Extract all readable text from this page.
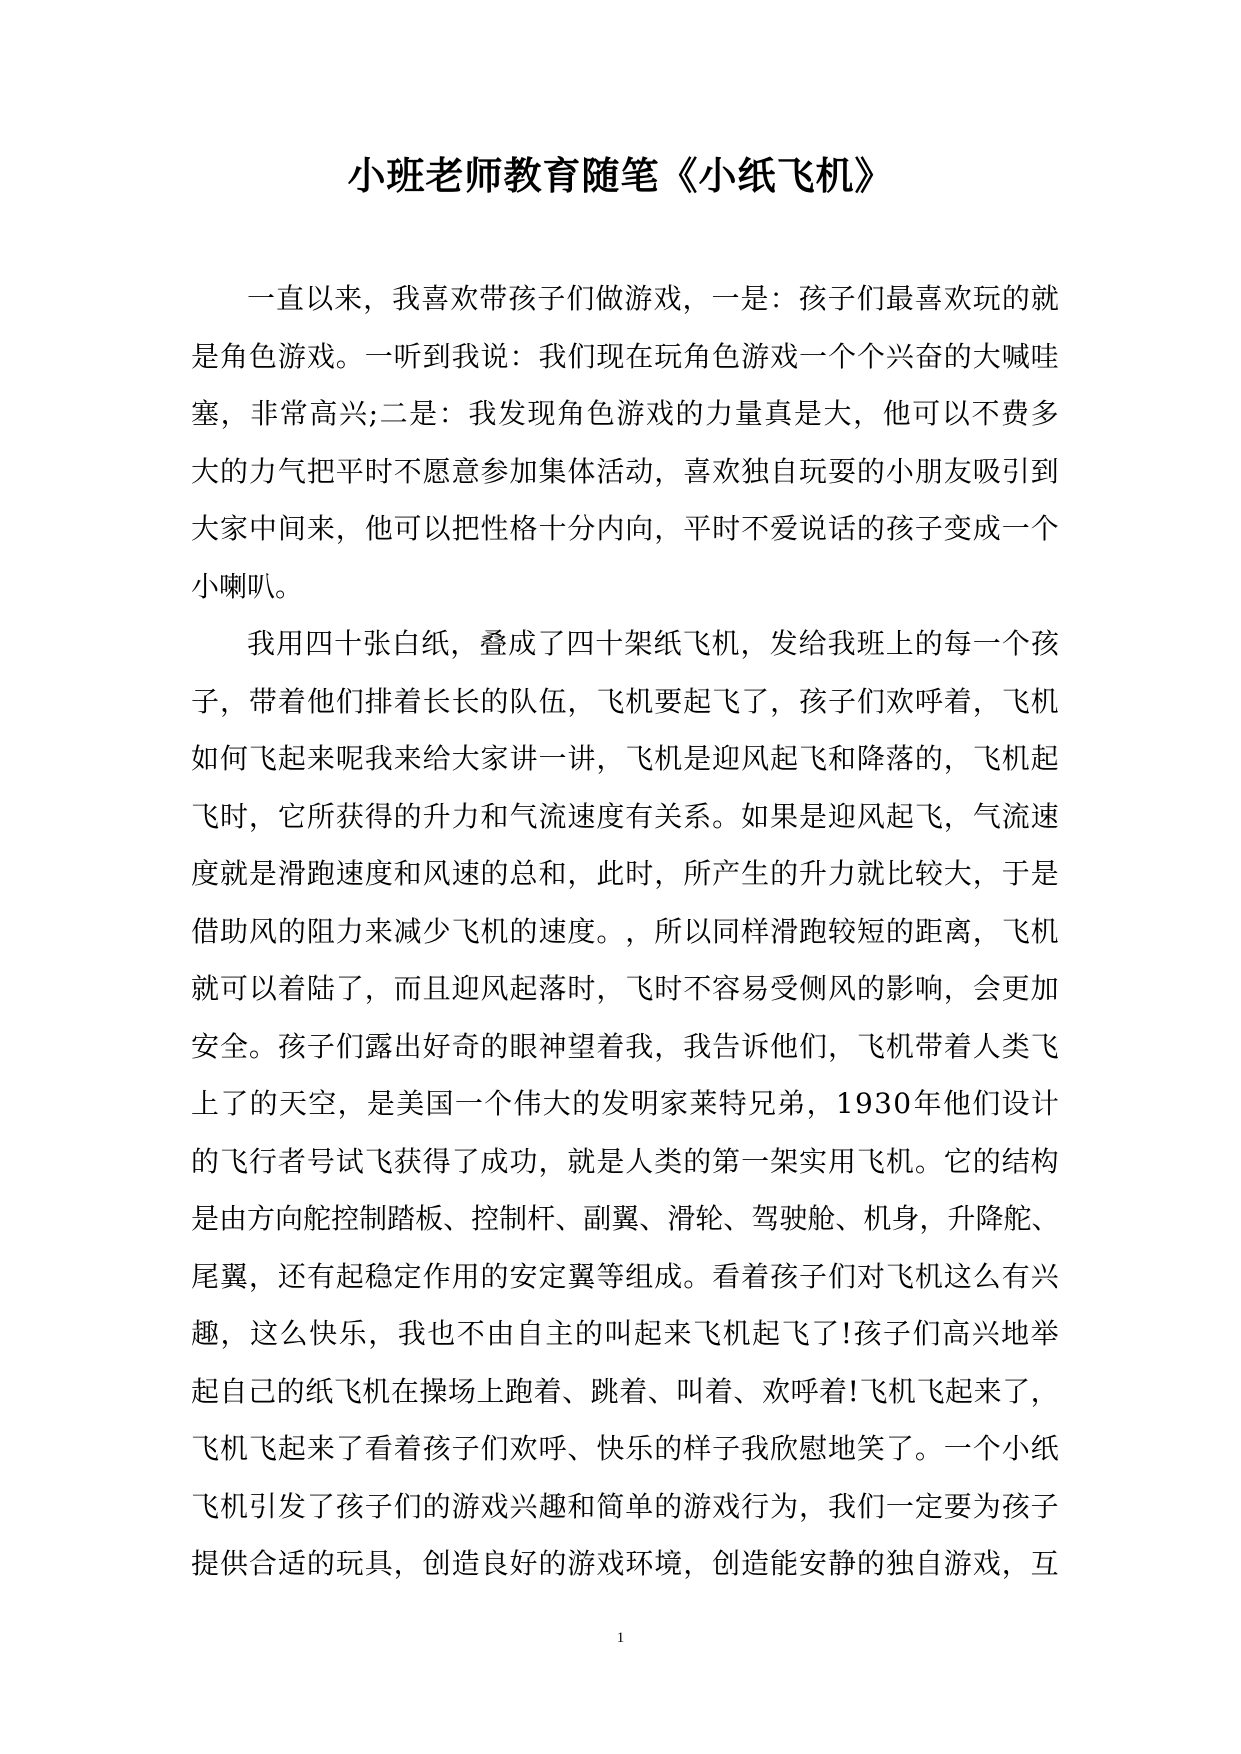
小班老师教育随笔《小纸飞机》
一 直 以 来 ， 我 喜 欢 带 孩 子 们 做 游 戏 ， 一 是 ： 孩 子 们 最 喜 欢 玩 的 就
是 角 色 游 戏 。 一 听 到 我 说 ： 我 们 现 在 玩 角 色 游 戏 一 个 个 兴 奋 的 大 喊 哇
塞 ， 非 常 高 兴 ; 二 是 ： 我 发 现 角 色 游 戏 的 力 量 真 是 大 ， 他 可 以 不 费 多
大 的 力 气 把 平 时 不 愿 意 参 加 集 体 活 动 ， 喜 欢 独 自 玩 耍 的 小 朋 友 吸 引 到
大 家 中 间 来 ， 他 可 以 把 性 格 十 分 内 向 ， 平 时 不 爱 说 话 的 孩 子 变 成 一 个
小喇叭。
我 用 四 十 张 白 纸 ， 叠 成 了 四 十 架 纸 飞 机 ， 发 给 我 班 上 的 每 一 个 孩
子 ， 带 着 他 们 排 着 长 长 的 队 伍 ， 飞 机 要 起 飞 了 ， 孩 子 们 欢 呼 着 ， 飞 机
如 何 飞 起 来 呢 我 来 给 大 家 讲 一 讲 ， 飞 机 是 迎 风 起 飞 和 降 落 的 ， 飞 机 起
飞 时 ， 它 所 获 得 的 升 力 和 气 流 速 度 有 关 系 。 如 果 是 迎 风 起 飞 ， 气 流 速
度 就 是 滑 跑 速 度 和 风 速 的 总 和 ， 此 时 ， 所 产 生 的 升 力 就 比 较 大 ， 于 是
借 助 风 的 阻 力 来 减 少 飞 机 的 速 度 。 ， 所 以 同 样 滑 跑 较 短 的 距 离 ， 飞 机
就 可 以 着 陆 了 ， 而 且 迎 风 起 落 时 ， 飞 时 不 容 易 受 侧 风 的 影 响 ， 会 更 加
安 全 。 孩 子 们 露 出 好 奇 的 眼 神 望 着 我 ， 我 告 诉 他 们 ， 飞 机 带 着 人 类 飞
上 了 的 天 空 ， 是 美 国 一 个 伟 大 的 发 明 家 莱 特 兄 弟 ， 1 9 3 0 年 他 们 设 计
的 飞 行 者 号 试 飞 获 得 了 成 功 ， 就 是 人 类 的 第 一 架 实 用 飞 机 。 它 的 结 构
是 由 方 向 舵 控 制 踏 板 、 控 制 杆 、 副 翼 、 滑 轮 、 驾 驶 舱 、 机 身 ， 升 降 舵 、
尾 翼 ， 还 有 起 稳 定 作 用 的 安 定 翼 等 组 成 。 看 着 孩 子 们 对 飞 机 这 么 有 兴
趣 ， 这 么 快 乐 ， 我 也 不 由 自 主 的 叫 起 来 飞 机 起 飞 了 ! 孩 子 们 高 兴 地 举
起 自 己 的 纸 飞 机 在 操 场 上 跑 着 、 跳 着 、 叫 着 、 欢 呼 着 ! 飞 机 飞 起 来 了 ，
飞 机 飞 起 来 了 看 着 孩 子 们 欢 呼 、 快 乐 的 样 子 我 欣 慰 地 笑 了 。 一 个 小 纸
飞 机 引 发 了 孩 子 们 的 游 戏 兴 趣 和 简 单 的 游 戏 行 为 ， 我 们 一 定 要 为 孩 子
提 供 合 适 的 玩 具 ， 创 造 良 好 的 游 戏 环 境 ， 创 造 能 安 静 的 独 自 游 戏 ， 互
1
